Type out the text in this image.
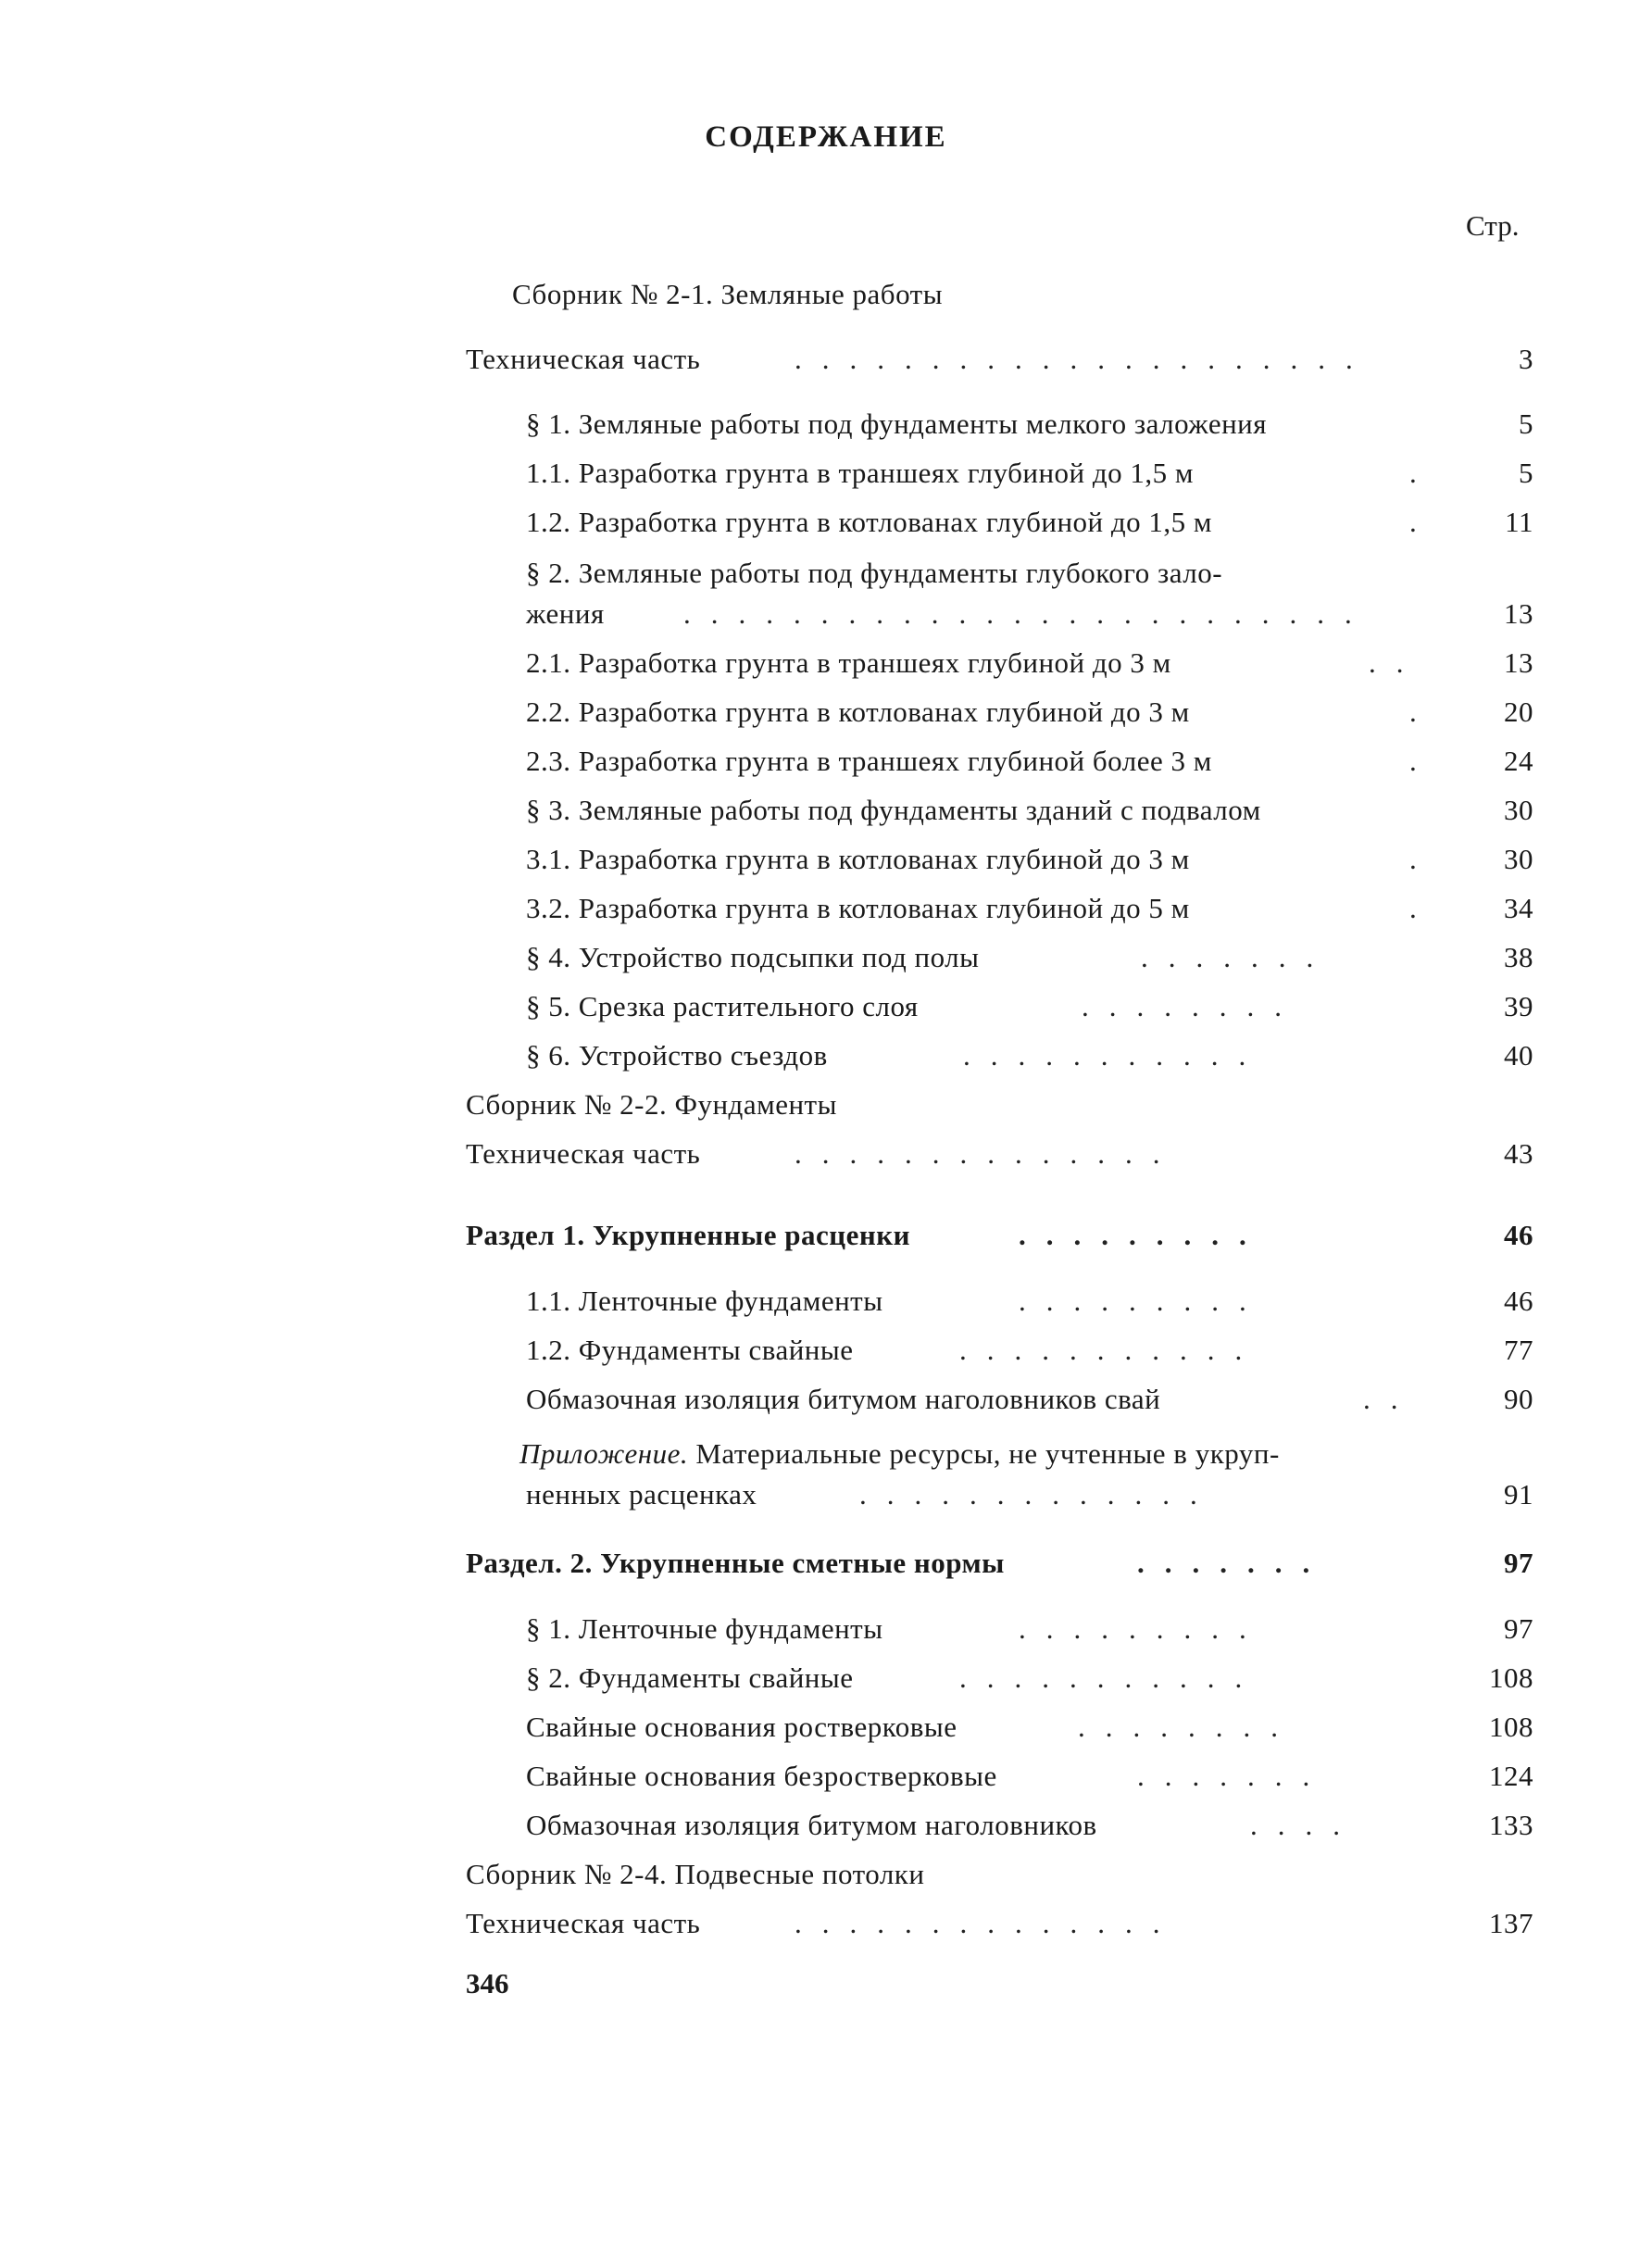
СОДЕРЖАНИЕ
Стр.
Сборник № 2-1. Земляные работы
Техническая часть	.....................	3
§ 1. Земляные работы под фундаменты мелкого заложения	5
1.1. Разработка грунта в траншеях глубиной до 1,5 м	.	5
1.2. Разработка грунта в котлованах глубиной до 1,5 м	.	11
§ 2. Земляные работы под фундаменты глубокого зало-
жения	.........................	13
2.1. Разработка грунта в траншеях глубиной до 3 м	..	13
2.2. Разработка грунта в котлованах глубиной до 3 м	.	20
2.3. Разработка грунта в траншеях глубиной более 3 м	.	24
§ 3. Земляные работы под фундаменты зданий с подвалом	30
3.1. Разработка грунта в котлованах глубиной до 3 м	.	30
3.2. Разработка грунта в котлованах глубиной до 5 м	.	34
§ 4. Устройство подсыпки под полы	.......	38
§ 5. Срезка растительного слоя	........	39
§ 6. Устройство съездов	...........	40
Сборник № 2-2. Фундаменты
Техническая часть	..............	43
Раздел 1. Укрупненные расценки	.........	46
1.1. Ленточные фундаменты	.........	46
1.2. Фундаменты свайные	...........	77
Обмазочная изоляция битумом наголовников свай	..	90
Приложение. Материальные ресурсы, не учтенные в укруп-
ненных расценках	.............	91
Раздел. 2. Укрупненные сметные нормы	.......	97
§ 1. Ленточные фундаменты	.........	97
§ 2. Фундаменты свайные	...........	108
Свайные основания ростверковые	........	108
Свайные основания безростверковые	.......	124
Обмазочная изоляция битумом наголовников	....	133
Сборник № 2-4. Подвесные потолки
Техническая часть	..............	137
346
